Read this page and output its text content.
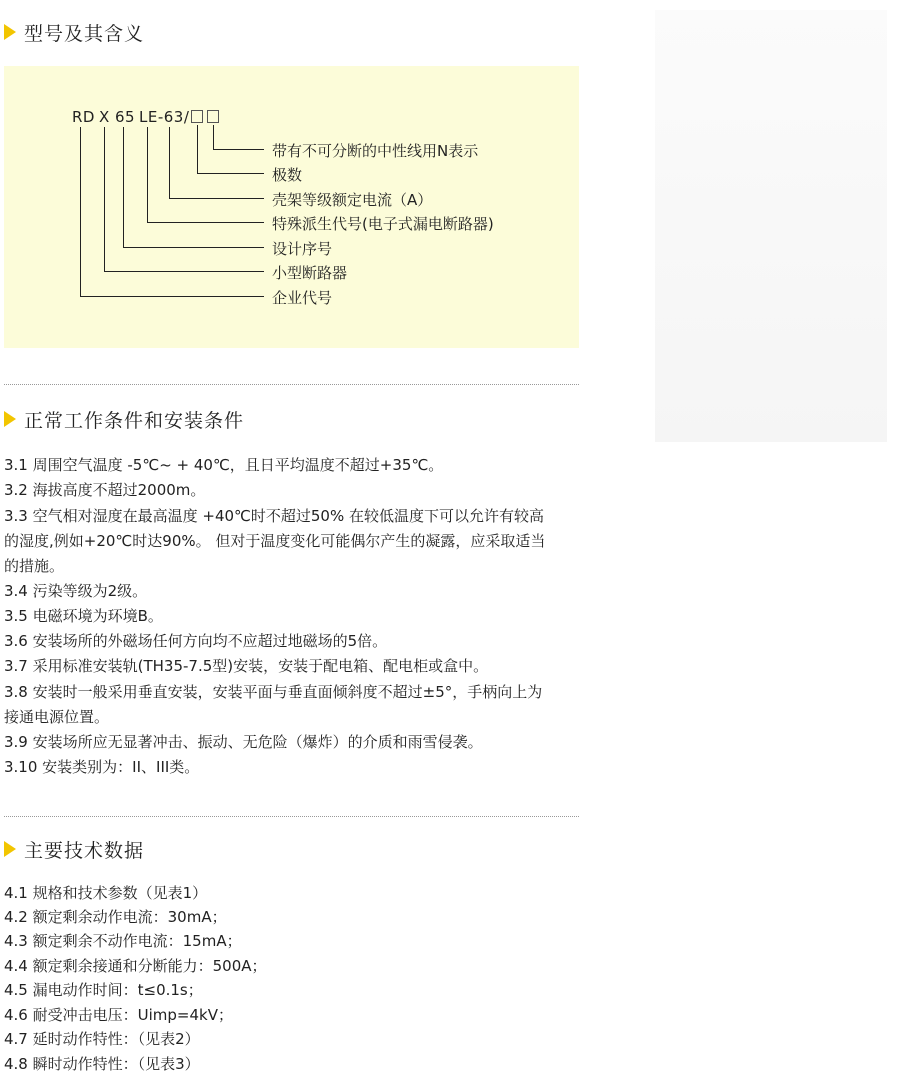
型号及其含义
RD X 65 LE-63/
带有不可分断的中性线用N表示
极数
壳架等级额定电流（A）
特殊派生代号(电子式漏电断路器)
设计序号
小型断路器
企业代号
正常工作条件和安装条件
3.1 周围空气温度 -5℃~ + 40℃，且日平均温度不超过+35℃。
3.2 海拔高度不超过2000m。
3.3 空气相对湿度在最高温度 +40℃时不超过50% 在较低温度下可以允许有较高
的湿度,例如+20℃时达90%。 但对于温度变化可能偶尔产生的凝露，应采取适当
的措施。
3.4 污染等级为2级。
3.5 电磁环境为环境B。
3.6 安装场所的外磁场任何方向均不应超过地磁场的5倍。
3.7 采用标准安装轨(TH35-7.5型)安装，安装于配电箱、配电柜或盒中。
3.8 安装时一般采用垂直安装，安装平面与垂直面倾斜度不超过±5°，手柄向上为
接通电源位置。
3.9 安装场所应无显著冲击、振动、无危险（爆炸）的介质和雨雪侵袭。
3.10 安装类别为：II、III类。
主要技术数据
4.1 规格和技术参数（见表1）
4.2 额定剩余动作电流：30mA；
4.3 额定剩余不动作电流：15mA；
4.4 额定剩余接通和分断能力：500A；
4.5 漏电动作时间：t≤0.1s；
4.6 耐受冲击电压：Uimp=4kV；
4.7 延时动作特性：（见表2）
4.8 瞬时动作特性：（见表3）
